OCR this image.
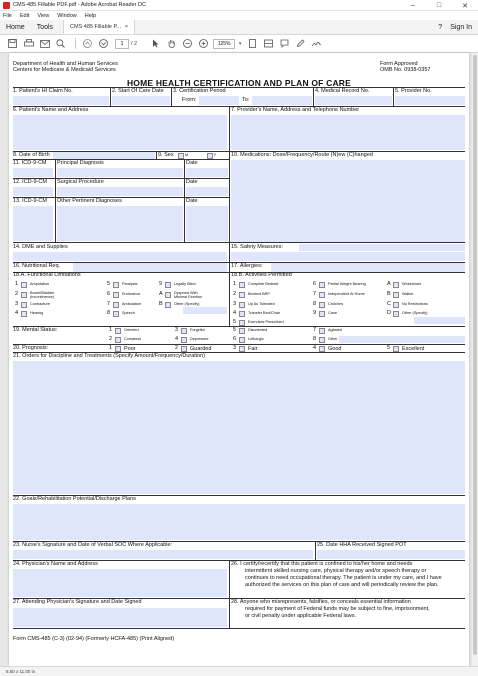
CMS-485 Fillable PDF.pdf - Adobe Acrobat Reader DC	–	□	✕
File Edit View Window Help
Home	Tools	CMS 485 Fillable P... ×	? Sign In
1	/ 2	125%	▾
Department of Health and Human Services
Centers for Medicare & Medicaid Services
Form Approved
OMB No. 0938-0357
HOME HEALTH CERTIFICATION AND PLAN OF CARE
1. Patient's HI Claim No.	2. Start Of Care Date 3. Certification Period	4. Medical Record No.	5. Provider No.
From:	To:
6. Patient's Name and Address	7. Provider's Name, Address and Telephone Number
8. Date of Birth	9. Sex	M	F	10. Medications: Dose/Frequency/Route (N)ew (C)hanged
11. ICD-9-CM Principal Diagnosis	Date
12. ICD-9-CM Surgical Procedure	Date
13. ICD-9-CM Other Pertinent Diagnoses	Date
14. DME and Supplies	15. Safety Measures:
16. Nutritional Req.	17. Allergies:
18.A. Functional Limitations	18.B. Activities Permitted
1	Amputation	5	Paralysis	9	Legally Blind
2	Bowel/Bladder (Incontinence)	6	Endurance	A	Dyspnea With Minimal Exertion
3	Contracture	7	Ambulation	B	Other (Specify)
4	Hearing	8	Speech
1	Complete Bedrest	6	Partial Weight Bearing	A	Wheelchair
2	Bedrest BRP	7	Independent At Home	B	Walker
3	Up As Tolerated	8	Crutches	C	No Restrictions
4	Transfer Bed/Chair	9	Cane	D	Other (Specify)
5	Exercises Prescribed
19. Mental Status:	1	Oriented	3	Forgetful	5	Disoriented	7	Agitated
2	Comatose	4	Depressed	6	Lethargic	8	Other
20. Prognosis:	1 Poor	2 Guarded	3 Fair	4 Good	5 Excellent
21. Orders for Discipline and Treatments (Specify Amount/Frequency/Duration)
22. Goals/Rehabilitation Potential/Discharge Plans
23. Nurse's Signature and Date of Verbal SOC Where Applicable:	25. Date HHA Received Signed POT
24. Physician's Name and Address	26. I certify/recertify that this patient is confined to his/her home and needs
intermittent skilled nursing care, physical therapy and/or speech therapy or
continues to need occupational therapy. The patient is under my care, and I have
authorized the services on this plan of care and will periodically review the plan.
27. Attending Physician's Signature and Date Signed	28. Anyone who misrepresents, falsifies, or conceals essential information
required for payment of Federal funds may be subject to fine, imprisonment,
or civil penalty under applicable Federal laws.
Form CMS-485 (C-3) (02-94) (Formerly HCFA-485) (Print Aligned)
8.50 x 11.00 in
